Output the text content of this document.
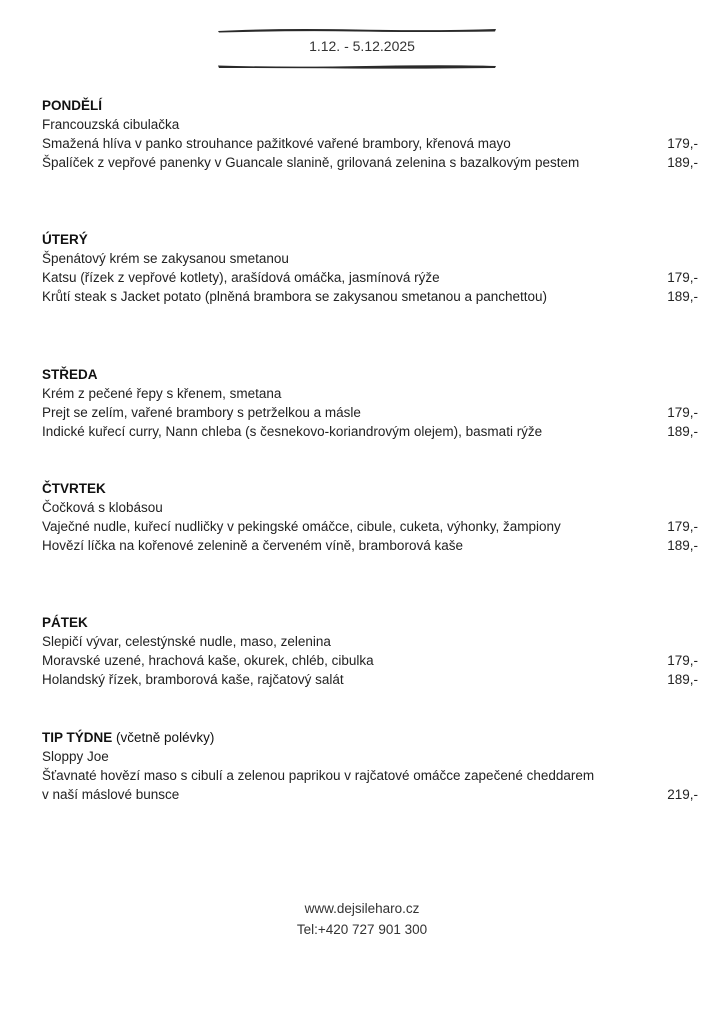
1.12. - 5.12.2025
PONDĚLÍ
Francouzská cibulačka
Smažená hlíva v panko strouhance pažitkové vařené brambory, křenová mayo	179,-
Špalíček z vepřové panenky v Guancale slanině, grilovaná zelenina s bazalkovým pestem	189,-
ÚTERÝ
Špenátový krém se zakysanou smetanou
Katsu (řízek z vepřové kotlety), arašídová omáčka, jasmínová rýže	179,-
Krůtí steak s Jacket potato (plněná brambora se zakysanou smetanou a panchettou)	189,-
STŘEDA
Krém z pečené řepy s křenem, smetana
Prejt se zelím, vařené brambory s petrželkou a másle	179,-
Indické kuřecí curry, Nann chleba (s česnekovo-koriandrovým olejem), basmati rýže	189,-
ČTVRTEK
Čočková s klobásou
Vaječné nudle, kuřecí nudličky v pekingské omáčce, cibule, cuketa, výhonky, žampiony	179,-
Hovězí líčka na kořenové zelenině a červeném víně, bramborová kaše	189,-
PÁTEK
Slepičí vývar, celestýnské nudle, maso, zelenina
Moravské uzené, hrachová kaše, okurek, chléb, cibulka	179,-
Holandský řízek, bramborová kaše, rajčatový salát	189,-
TIP TÝDNE (včetně polévky)
Sloppy Joe
Šťavnaté hovězí maso s cibulí a zelenou paprikou v rajčatové omáčce zapečené cheddarem
v naší máslové bunsce	219,-
www.dejsileharo.cz
Tel:+420 727 901 300
